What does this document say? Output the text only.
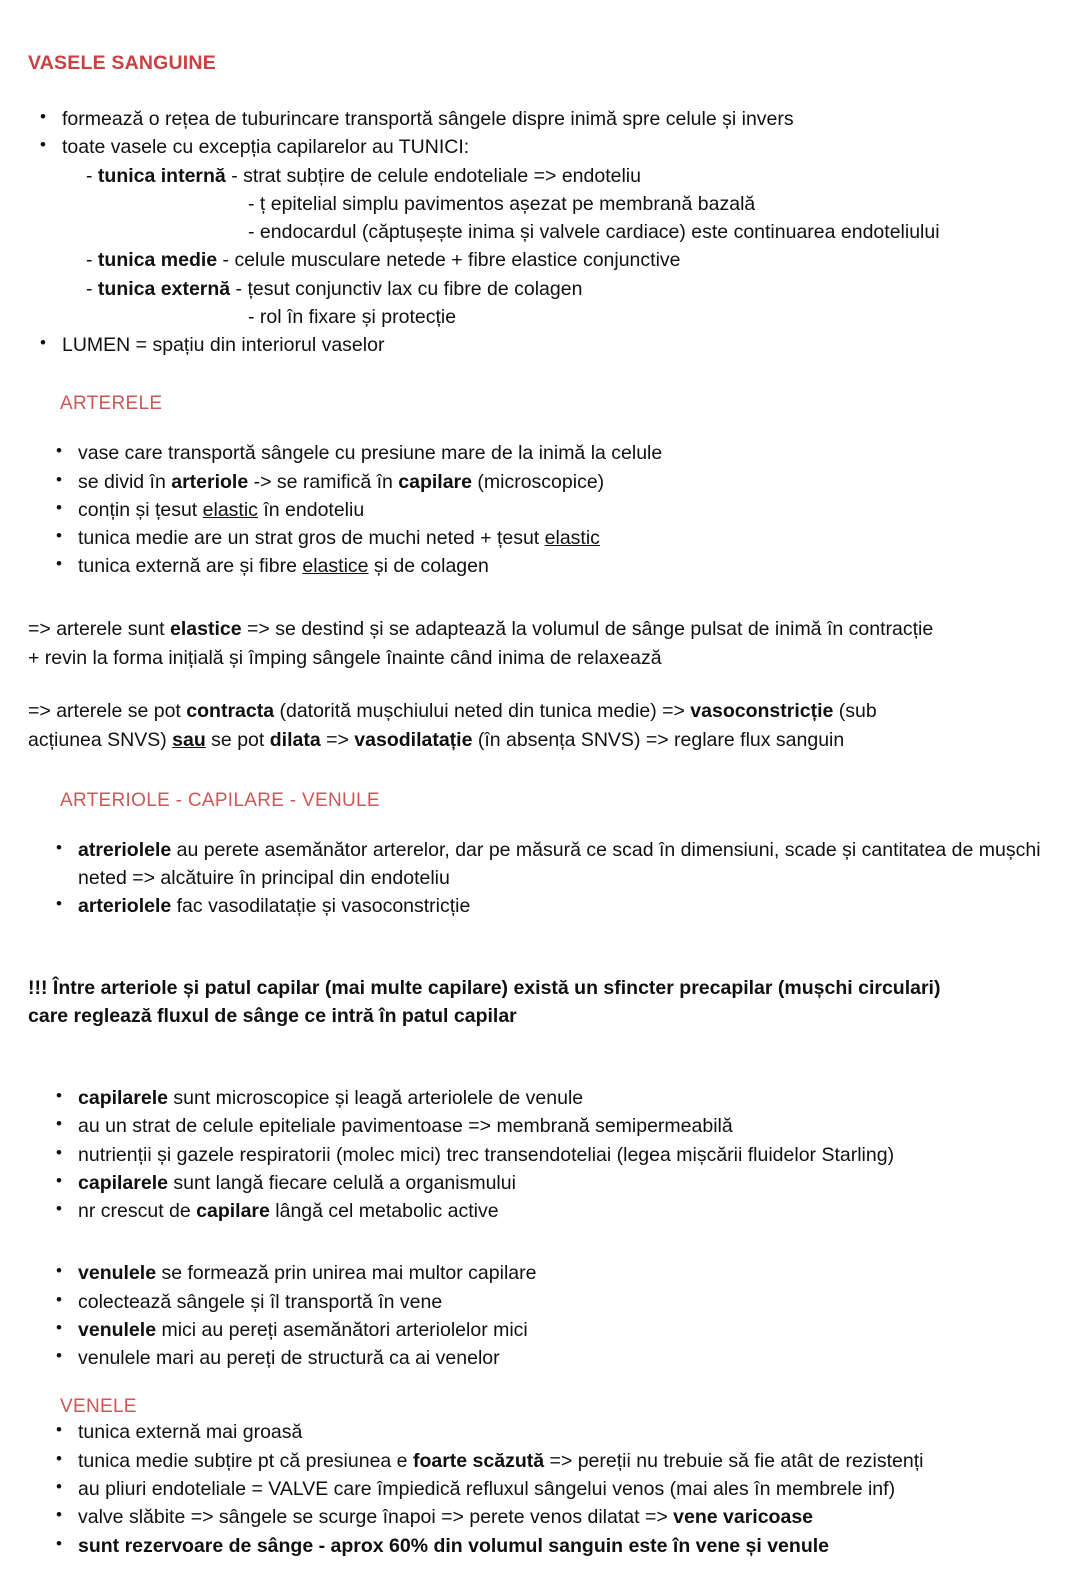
VASELE SANGUINE
• formează o rețea de tuburincare transportă sângele dispre inimă spre celule și invers
• toate vasele cu excepția capilarelor au TUNICI:
- tunica internă - strat subțire de celule endoteliale => endoteliu
- ț epitelial simplu pavimentos așezat pe membrană bazală
- endocardul (căptușește inima și valvele cardiace) este continuarea endoteliului
- tunica medie - celule musculare netede + fibre elastice conjunctive
- tunica externă - țesut conjunctiv lax cu fibre de colagen
- rol în fixare și protecție
• LUMEN = spațiu din interiorul vaselor
ARTERELE
• vase care transportă sângele cu presiune mare de la inimă la celule
• se divid în arteriole -> se ramifică în capilare (microscopice)
• conțin și țesut elastic în endoteliu
• tunica medie are un strat gros de muchi neted + țesut elastic
• tunica externă are și fibre elastice și de colagen

=> arterele sunt elastice => se destind și se adaptează la volumul de sânge pulsat de inimă în contracție
+ revin la forma inițială și împing sângele înainte când inima de relaxează

=> arterele se pot contracta (datorită mușchiului neted din tunica medie) => vasoconstricție (sub
acțiunea SNVS) sau se pot dilata => vasodilatație (în absența SNVS) => reglare flux sanguin

ARTERIOLE - CAPILARE - VENULE
• atreriolele au perete asemănător arterelor, dar pe măsură ce scad în dimensiuni, scade și cantitatea de mușchi neted => alcătuire în principal din endoteliu
• arteriolele fac vasodilatație și vasoconstricție

!!! Între arteriole și patul capilar (mai multe capilare) există un sfincter precapilar (mușchi circulari)
care reglează fluxul de sânge ce intră în patul capilar

• capilarele sunt microscopice și leagă arteriolele de venule
• au un strat de celule epiteliale pavimentoase => membrană semipermeabilă
• nutrienții și gazele respiratorii (molec mici) trec transendoteliai (legea mișcării fluidelor Starling)
• capilarele sunt langă fiecare celulă a organismului
• nr crescut de capilare lângă cel metabolic active
• venulele se formează prin unirea mai multor capilare
• colectează sângele și îl transportă în vene
• venulele mici au pereți asemănători arteriolelor mici
• venulele mari au pereți de structură ca ai venelor
VENELE
• tunica externă mai groasă
• tunica medie subțire pt că presiunea e foarte scăzută => pereții nu trebuie să fie atât de rezistenți
• au pliuri endoteliale = VALVE care împiedică refluxul sângelui venos (mai ales în membrele inf)
• valve slăbite => sângele se scurge înapoi => perete venos dilatat => vene varicoase
• sunt rezervoare de sânge - aprox 60% din volumul sanguin este în vene și venule
